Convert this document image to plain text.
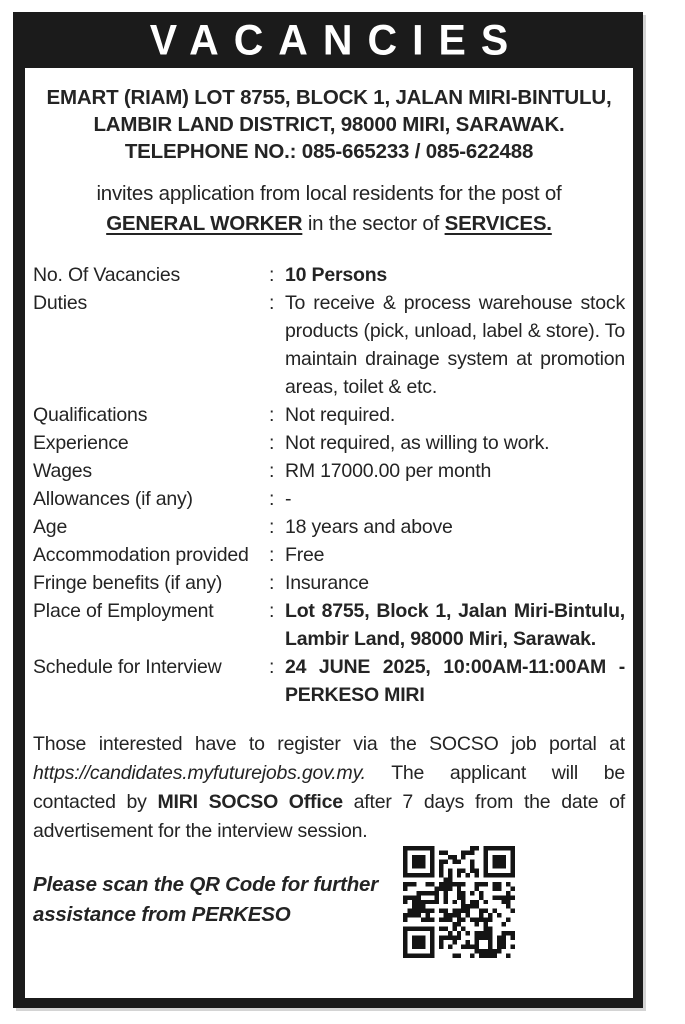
VACANCIES
EMART (RIAM) LOT 8755, BLOCK 1, JALAN MIRI-BINTULU,
LAMBIR LAND DISTRICT, 98000 MIRI, SARAWAK.
TELEPHONE NO.: 085-665233 / 085-622488
invites application from local residents for the post of
GENERAL WORKER in the sector of SERVICES.
No. Of Vacancies	: 10 Persons
Duties	: To receive & process warehouse stock products (pick, unload, label & store). To maintain drainage system at promotion areas, toilet & etc.
Qualifications	: Not required.
Experience	: Not required, as willing to work.
Wages	: RM 17000.00 per month
Allowances (if any)	: -
Age	: 18 years and above
Accommodation provided	: Free
Fringe benefits (if any)	: Insurance
Place of Employment	: Lot 8755, Block 1, Jalan Miri-Bintulu, Lambir Land, 98000 Miri, Sarawak.
Schedule for Interview	: 24 JUNE 2025, 10:00AM-11:00AM - PERKESO MIRI

Those interested have to register via the SOCSO job portal at https://candidates.myfuturejobs.gov.my. The applicant will be contacted by MIRI SOCSO Office after 7 days from the date of advertisement for the interview session.

Please scan the QR Code for further
assistance from PERKESO
